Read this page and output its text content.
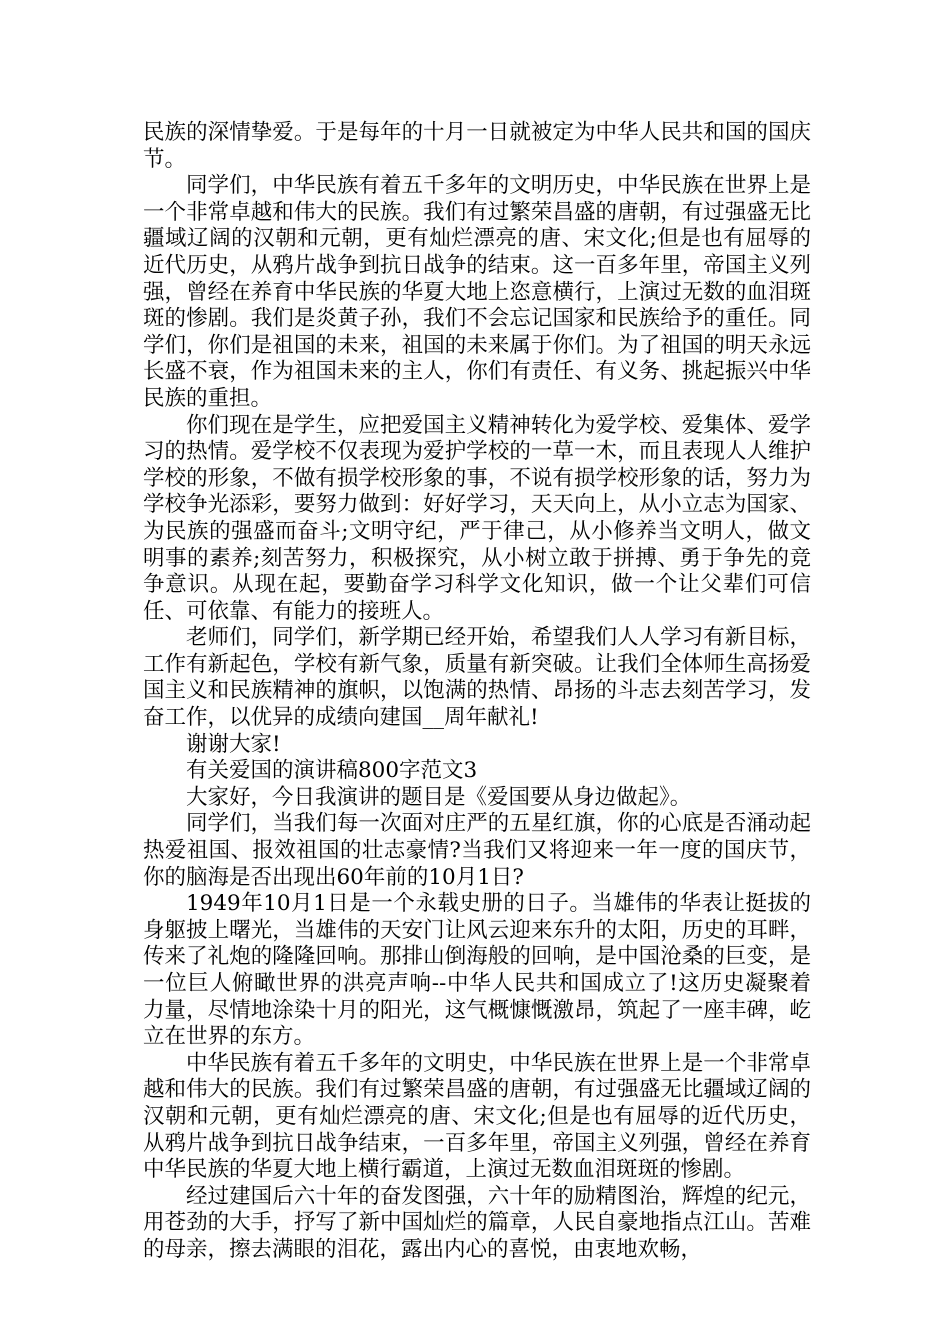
民族的深情挚爱。于是每年的十月一日就被定为中华人民共和国的国庆节。

同学们，中华民族有着五千多年的文明历史，中华民族在世界上是一个非常卓越和伟大的民族。我们有过繁荣昌盛的唐朝，有过强盛无比疆域辽阔的汉朝和元朝，更有灿烂漂亮的唐、宋文化;但是也有屈辱的近代历史，从鸦片战争到抗日战争的结束。这一百多年里，帝国主义列强，曾经在养育中华民族的华夏大地上恣意横行，上演过无数的血泪斑斑的惨剧。我们是炎黄子孙，我们不会忘记国家和民族给予的重任。同学们，你们是祖国的未来，祖国的未来属于你们。为了祖国的明天永远长盛不衰，作为祖国未来的主人，你们有责任、有义务、挑起振兴中华民族的重担。

你们现在是学生，应把爱国主义精神转化为爱学校、爱集体、爱学习的热情。爱学校不仅表现为爱护学校的一草一木，而且表现人人维护学校的形象，不做有损学校形象的事，不说有损学校形象的话，努力为学校争光添彩，要努力做到：好好学习，天天向上，从小立志为国家、为民族的强盛而奋斗;文明守纪，严于律己，从小修养当文明人，做文明事的素养;刻苦努力，积极探究，从小树立敢于拼搏、勇于争先的竞争意识。从现在起，要勤奋学习科学文化知识，做一个让父辈们可信任、可依靠、有能力的接班人。

老师们，同学们，新学期已经开始，希望我们人人学习有新目标，工作有新起色，学校有新气象，质量有新突破。让我们全体师生高扬爱国主义和民族精神的旗帜，以饱满的热情、昂扬的斗志去刻苦学习，发奋工作，以优异的成绩向建国__周年献礼!

谢谢大家!

有关爱国的演讲稿800字范文3

大家好，今日我演讲的题目是《爱国要从身边做起》。

同学们，当我们每一次面对庄严的五星红旗，你的心底是否涌动起热爱祖国、报效祖国的壮志豪情?当我们又将迎来一年一度的国庆节，你的脑海是否出现出60年前的10月1日?

1949年10月1日是一个永载史册的日子。当雄伟的华表让挺拔的身躯披上曙光，当雄伟的天安门让风云迎来东升的太阳，历史的耳畔，传来了礼炮的隆隆回响。那排山倒海般的回响，是中国沧桑的巨变，是一位巨人俯瞰世界的洪亮声响--中华人民共和国成立了!这历史凝聚着力量，尽情地涂染十月的阳光，这气概慷慨激昂，筑起了一座丰碑，屹立在世界的东方。

中华民族有着五千多年的文明史，中华民族在世界上是一个非常卓越和伟大的民族。我们有过繁荣昌盛的唐朝，有过强盛无比疆域辽阔的汉朝和元朝，更有灿烂漂亮的唐、宋文化;但是也有屈辱的近代历史，从鸦片战争到抗日战争结束，一百多年里，帝国主义列强，曾经在养育中华民族的华夏大地上横行霸道，上演过无数血泪斑斑的惨剧。

经过建国后六十年的奋发图强，六十年的励精图治，辉煌的纪元，用苍劲的大手，抒写了新中国灿烂的篇章，人民自豪地指点江山。苦难的母亲，擦去满眼的泪花，露出内心的喜悦，由衷地欢畅，
